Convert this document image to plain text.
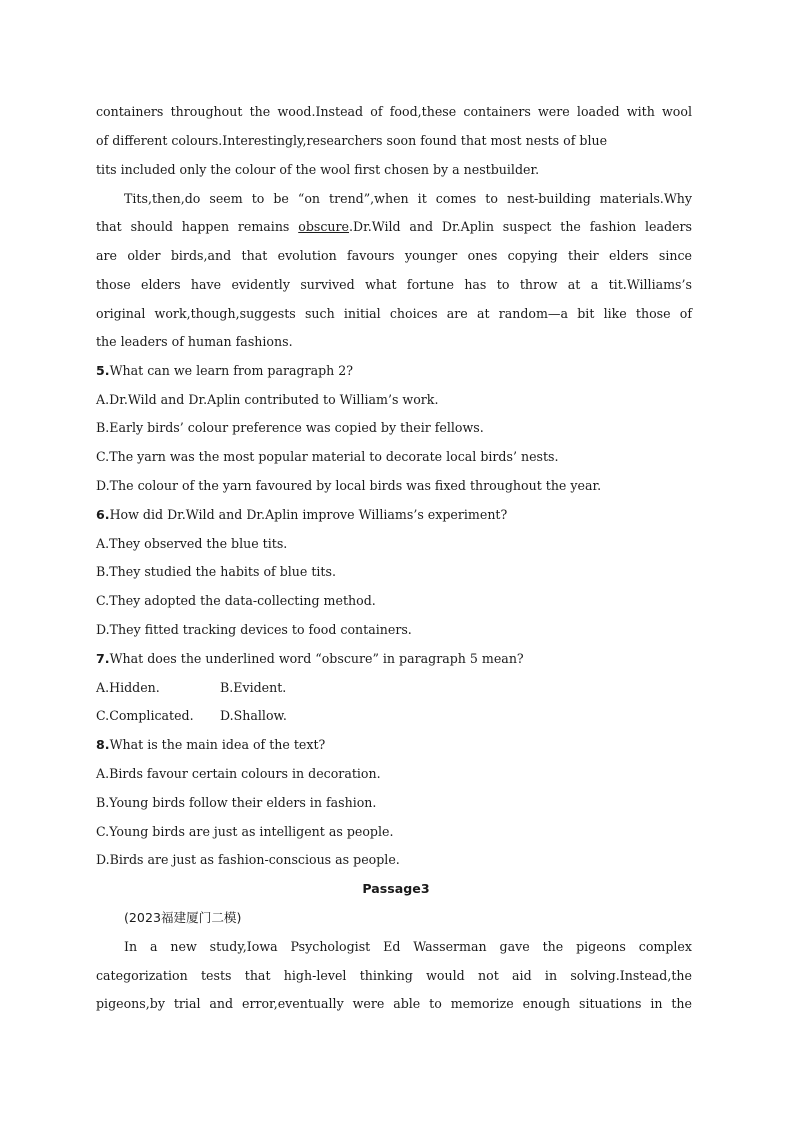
containers throughout the wood.Instead of food,these containers were loaded with wool
of different colours.Interestingly,researchers soon found that most nests of blue
tits included only the colour of the wool first chosen by a nestbuilder.
Tits,then,do seem to be “on trend”,when it comes to nest-building materials.Why
that should happen remains obscure.Dr.Wild and Dr.Aplin suspect the fashion leaders
are older birds,and that evolution favours younger ones copying their elders since
those elders have evidently survived what fortune has to throw at a tit.Williams’s
original work,though,suggests such initial choices are at random—a bit like those of
the leaders of human fashions.
5.What can we learn from paragraph 2?
A.Dr.Wild and Dr.Aplin contributed to William’s work.
B.Early birds’ colour preference was copied by their fellows.
C.The yarn was the most popular material to decorate local birds’ nests.
D.The colour of the yarn favoured by local birds was fixed throughout the year.
6.How did Dr.Wild and Dr.Aplin improve Williams’s experiment?
A.They observed the blue tits.
B.They studied the habits of blue tits.
C.They adopted the data-collecting method.
D.They fitted tracking devices to food containers.
7.What does the underlined word “obscure” in paragraph 5 mean?
A.Hidden.	B.Evident.
C.Complicated. D.Shallow.
8.What is the main idea of the text?
A.Birds favour certain colours in decoration.
B.Young birds follow their elders in fashion.
C.Young birds are just as intelligent as people.
D.Birds are just as fashion-conscious as people.
Passage3
(2023福建厦门二模)
In a new study,Iowa Psychologist Ed Wasserman gave the pigeons complex
categorization tests that high-level thinking would not aid in solving.Instead,the
pigeons,by trial and error,eventually were able to memorize enough situations in the
